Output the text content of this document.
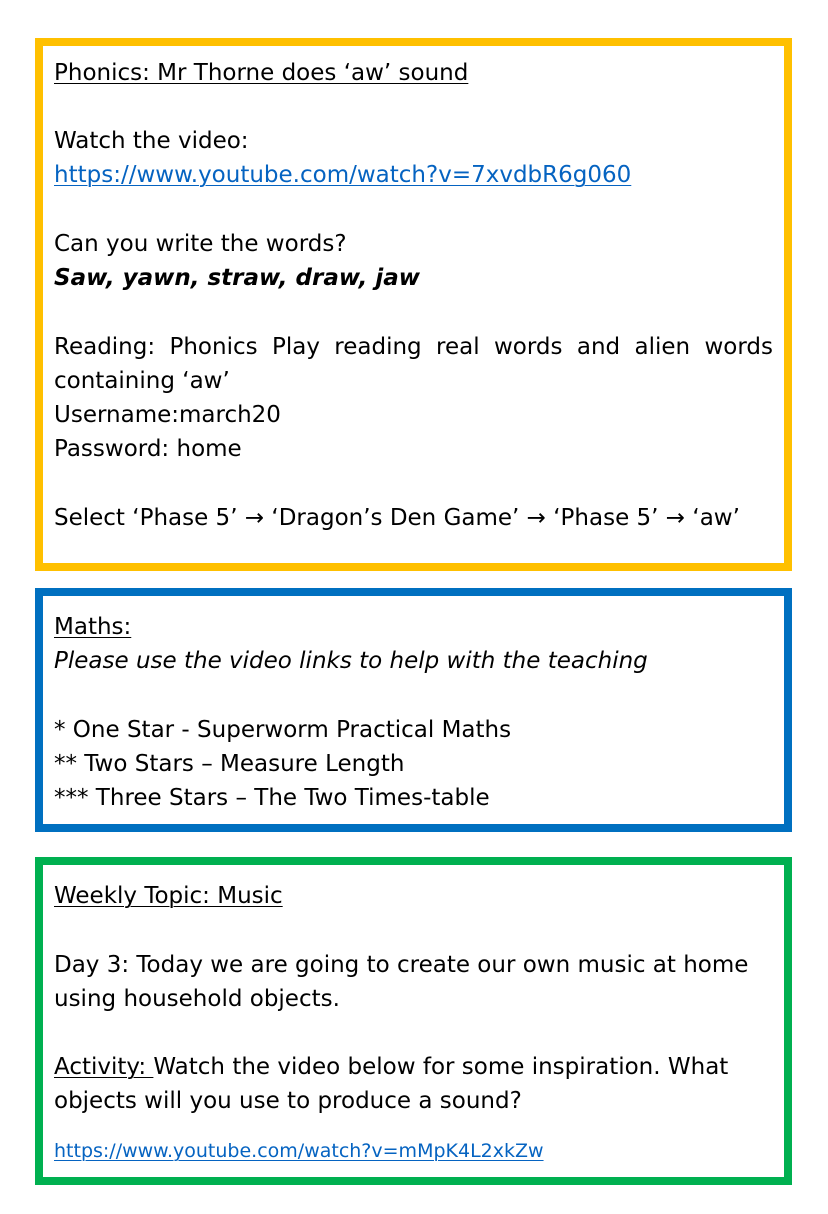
Phonics: Mr Thorne does ‘aw’ sound
Watch the video:
https://www.youtube.com/watch?v=7xvdbR6g060
Can you write the words?
Saw, yawn, straw, draw, jaw
Reading: Phonics Play reading real words and alien words containing ‘aw’
Username:march20
Password: home
Select ‘Phase 5’ → ‘Dragon’s Den Game’ → ‘Phase 5’ → ‘aw’
Maths:
Please use the video links to help with the teaching
* One Star - Superworm Practical Maths
** Two Stars – Measure Length
*** Three Stars – The Two Times-table
Weekly Topic: Music
Day 3: Today we are going to create our own music at home using household objects.
Activity: Watch the video below for some inspiration. What objects will you use to produce a sound?
https://www.youtube.com/watch?v=mMpK4L2xkZw
